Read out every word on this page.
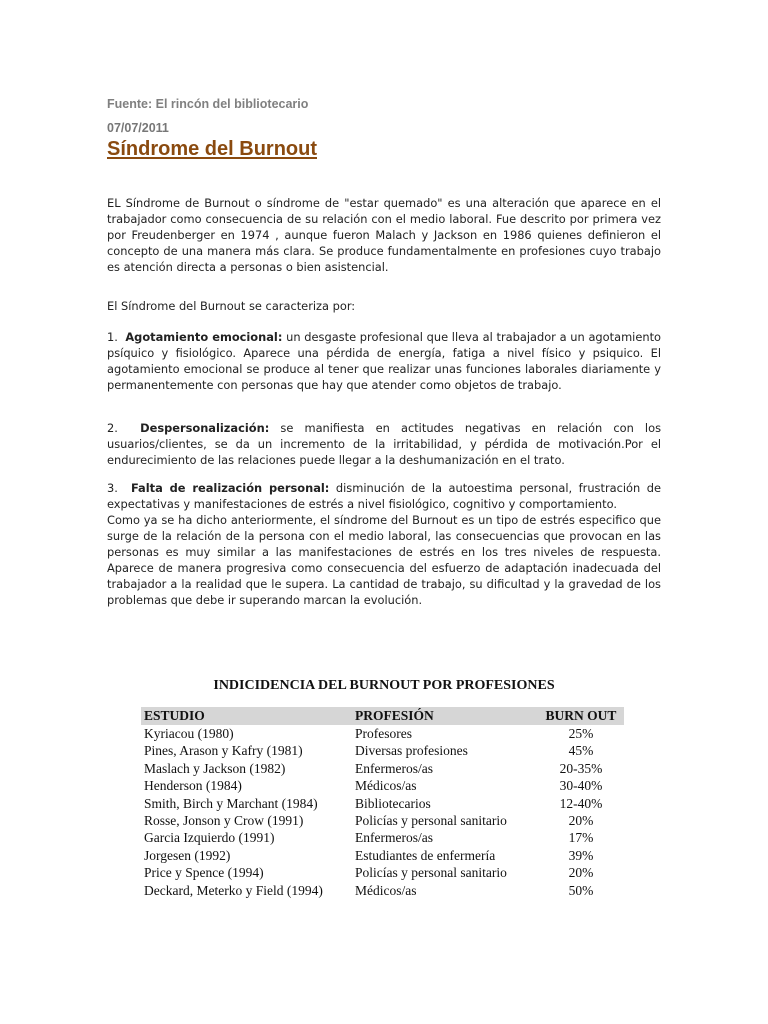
Fuente: El rincón del bibliotecario
07/07/2011
Síndrome del Burnout

EL Síndrome de Burnout o síndrome de "estar quemado" es una alteración que aparece en el trabajador como consecuencia de su relación con el medio laboral. Fue descrito por primera vez por Freudenberger en 1974 , aunque fueron Malach y Jackson en 1986 quienes definieron el concepto de una manera más clara. Se produce fundamentalmente en profesiones cuyo trabajo es atención directa a personas o bien asistencial.

El Síndrome del Burnout se caracteriza por:

1. Agotamiento emocional: un desgaste profesional que lleva al trabajador a un agotamiento psíquico y fisiológico. Aparece una pérdida de energía, fatiga a nivel físico y psiquico. El agotamiento emocional se produce al tener que realizar unas funciones laborales diariamente y permanentemente con personas que hay que atender como objetos de trabajo.

2. Despersonalización: se manifiesta en actitudes negativas en relación con los usuarios/clientes, se da un incremento de la irritabilidad, y pérdida de motivación.Por el endurecimiento de las relaciones puede llegar a la deshumanización en el trato.

3. Falta de realización personal: disminución de la autoestima personal, frustración de expectativas y manifestaciones de estrés a nivel fisiológico, cognitivo y comportamiento.
Como ya se ha dicho anteriormente, el síndrome del Burnout es un tipo de estrés especifico que surge de la relación de la persona con el medio laboral, las consecuencias que provocan en las personas es muy similar a las manifestaciones de estrés en los tres niveles de respuesta. Aparece de manera progresiva como consecuencia del esfuerzo de adaptación inadecuada del trabajador a la realidad que le supera. La cantidad de trabajo, su dificultad y la gravedad de los problemas que debe ir superando marcan la evolución.

INDICIDENCIA DEL BURNOUT POR PROFESIONES
ESTUDIO	PROFESIÓN	BURN OUT
Kyriacou (1980)	Profesores	25%
Pines, Arason y Kafry (1981)	Diversas profesiones	45%
Maslach y Jackson (1982)	Enfermeros/as	20-35%
Henderson (1984)	Médicos/as	30-40%
Smith, Birch y Marchant (1984)	Bibliotecarios	12-40%
Rosse, Jonson y Crow (1991)	Policías y personal sanitario	20%
Garcia Izquierdo (1991)	Enfermeros/as	17%
Jorgesen (1992)	Estudiantes de enfermería	39%
Price y Spence (1994)	Policías y personal sanitario	20%
Deckard, Meterko y Field (1994)	Médicos/as	50%
